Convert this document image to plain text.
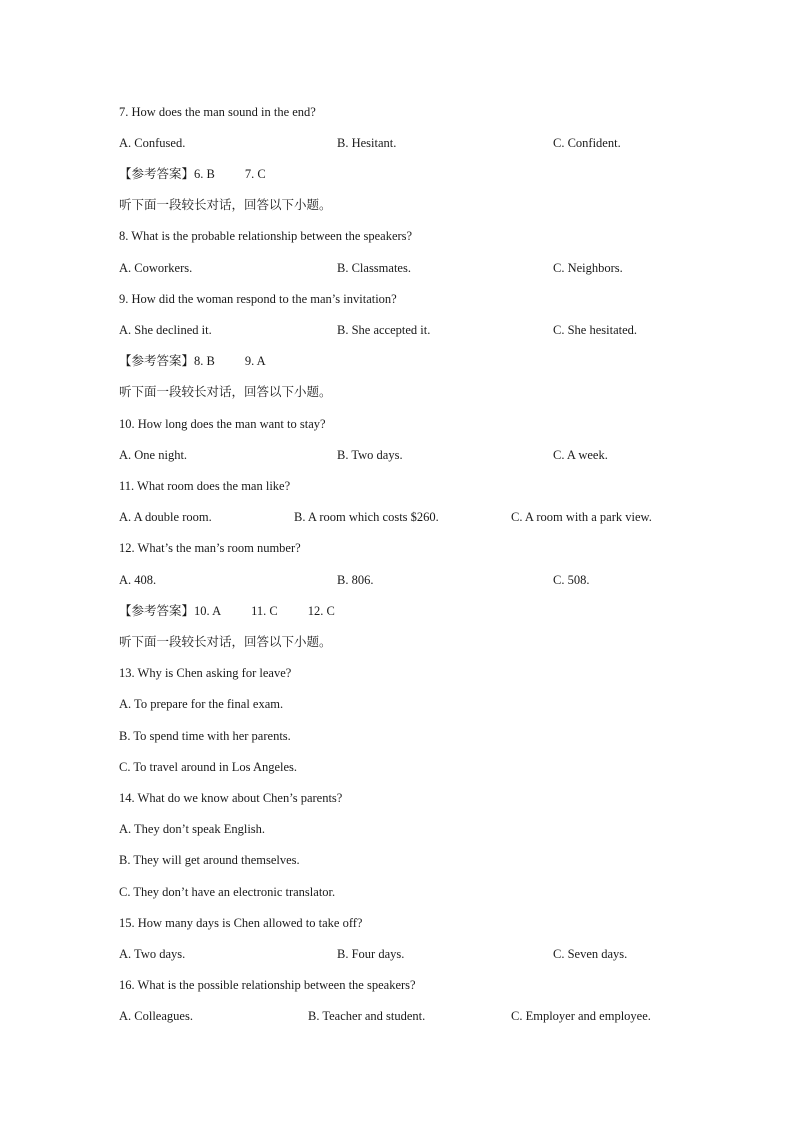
7. How does the man sound in the end?
A. Confused.	B. Hesitant.	C. Confident.
【参考答案】6. B 7. C
听下面一段较长对话，回答以下小题。
8. What is the probable relationship between the speakers?
A. Coworkers.	B. Classmates.	C. Neighbors.
9. How did the woman respond to the man’s invitation?
A. She declined it.	B. She accepted it.	C. She hesitated.
【参考答案】8. B 9. A
听下面一段较长对话，回答以下小题。
10. How long does the man want to stay?
A. One night.	B. Two days.	C. A week.
11. What room does the man like?
A. A double room.	B. A room which costs $260.	C. A room with a park view.
12. What’s the man’s room number?
A. 408.	B. 806.	C. 508.
【参考答案】10. A 11. C 12. C
听下面一段较长对话，回答以下小题。
13. Why is Chen asking for leave?
A. To prepare for the final exam.
B. To spend time with her parents.
C. To travel around in Los Angeles.
14. What do we know about Chen’s parents?
A. They don’t speak English.
B. They will get around themselves.
C. They don’t have an electronic translator.
15. How many days is Chen allowed to take off?
A. Two days.	B. Four days.	C. Seven days.
16. What is the possible relationship between the speakers?
A. Colleagues.	B. Teacher and student.	C. Employer and employee.
